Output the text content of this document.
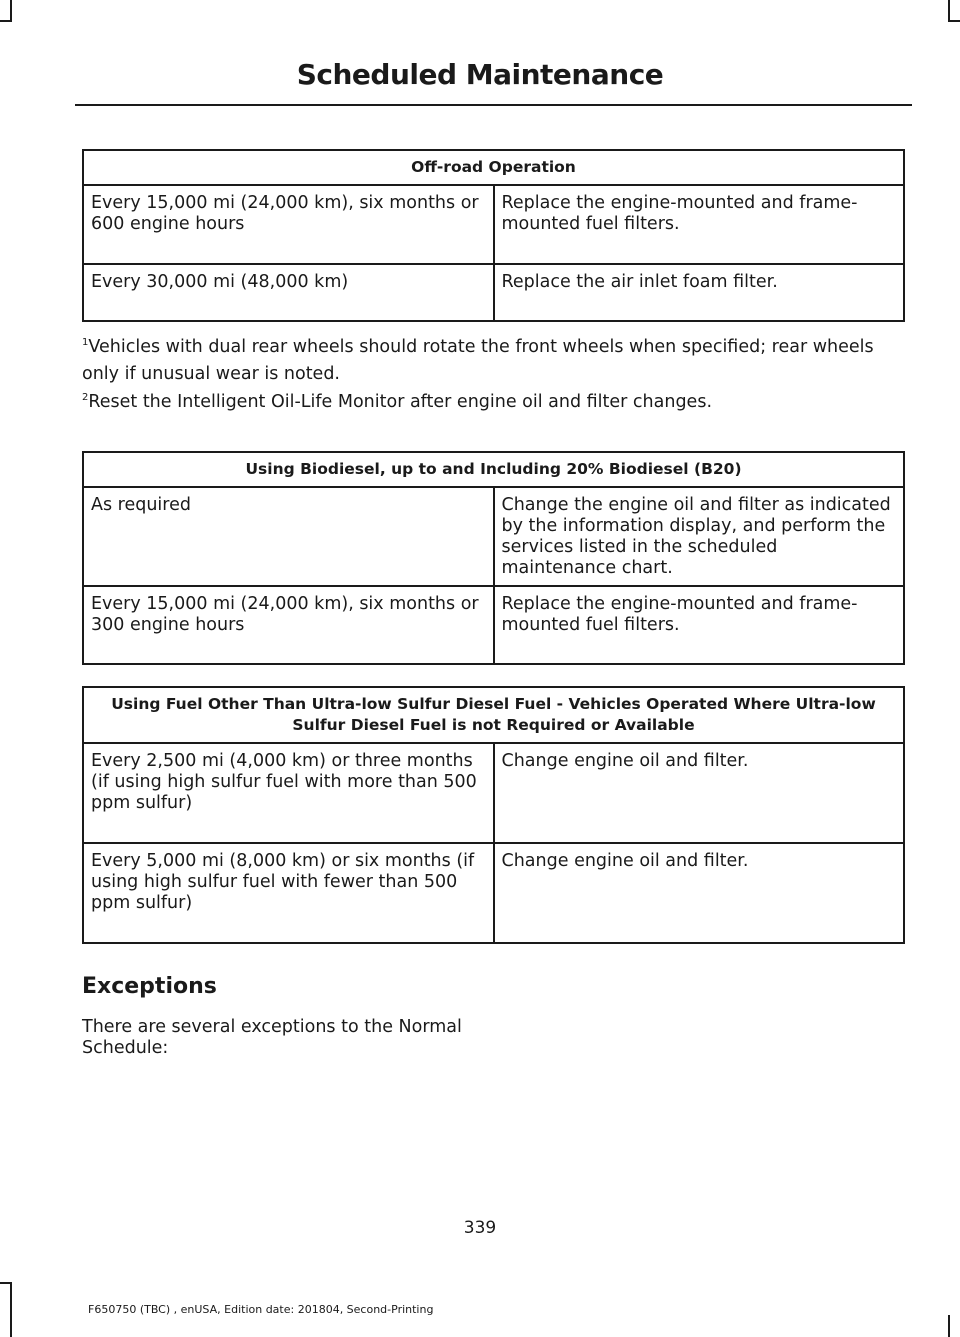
Scheduled Maintenance
Off-road Operation	
Every 15,000 mi (24,000 km), six months or 600 engine hours	Replace the engine-mounted and frame-mounted fuel filters.
Every 30,000 mi (48,000 km)	Replace the air inlet foam filter.
$^1$Vehicles with dual rear wheels should rotate the front wheels when specified; rear wheels only if unusual wear is noted.
$^2$Reset the Intelligent Oil-Life Monitor after engine oil and filter changes.
Using Biodiesel, up to and Including 20% Biodiesel (B20)	
As required	Change the engine oil and filter as indicated by the information display, and perform the services listed in the scheduled maintenance chart.
Every 15,000 mi (24,000 km), six months or 300 engine hours	Replace the engine-mounted and frame-mounted fuel filters.
Using Fuel Other Than Ultra-low Sulfur Diesel Fuel - Vehicles Operated Where Ultra-low Sulfur Diesel Fuel is not Required or Available	
Every 2,500 mi (4,000 km) or three months (if using high sulfur fuel with more than 500 ppm sulfur)	Change engine oil and filter.
Every 5,000 mi (8,000 km) or six months (if using high sulfur fuel with fewer than 500 ppm sulfur)	Change engine oil and filter.
Exceptions
There are several exceptions to the Normal Schedule:
339
F650750 (TBC) , enUSA, Edition date: 201804, Second-Printing
